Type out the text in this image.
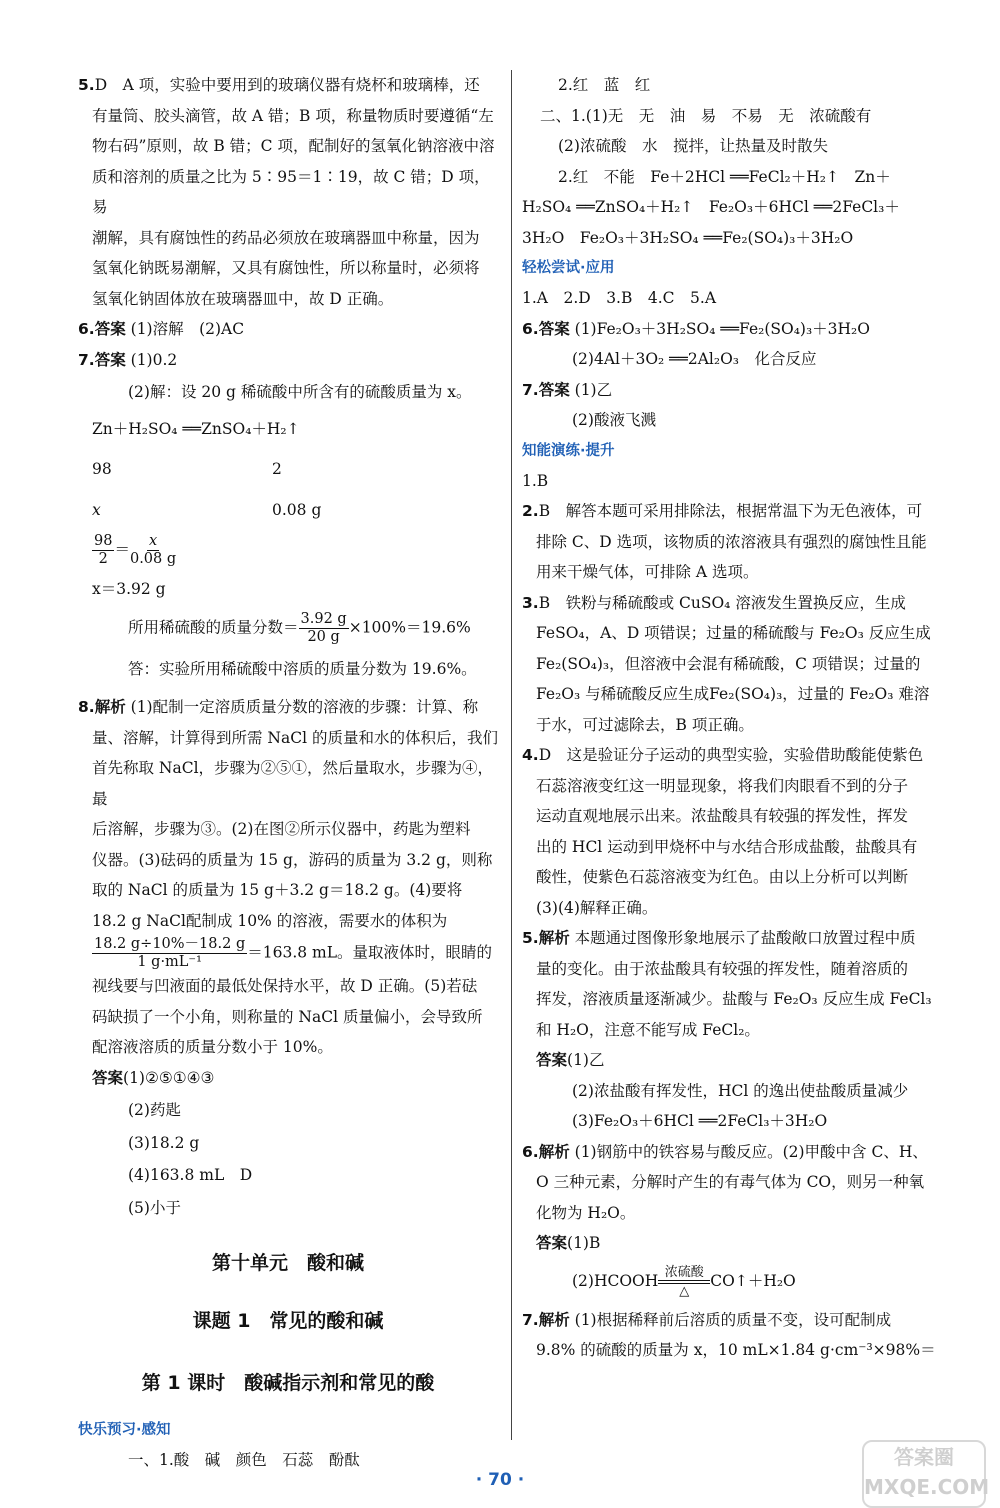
5.D　A 项，实验中要用到的玻璃仪器有烧杯和玻璃棒，还

有量筒、胶头滴管，故 A 错；B 项，称量物质时要遵循“左

物右码”原则，故 B 错；C 项，配制好的氢氧化钠溶液中溶

质和溶剂的质量之比为 5∶95＝1∶19，故 C 错；D 项，易

潮解，具有腐蚀性的药品必须放在玻璃器皿中称量，因为

氢氧化钠既易潮解，又具有腐蚀性，所以称量时，必须将

氢氧化钠固体放在玻璃器皿中，故 D 正确。

6.答案 (1)溶解　(2)AC

7.答案 (1)0.2

(2)解：设 20 g 稀硫酸中所含有的硫酸质量为 x。

Zn＋H₂SO₄ ══ZnSO₄＋H₂↑

98	2

x	0.08 g

$\frac{98}{2} = \frac{x}{0.08 g}$

x＝3.92 g

所用稀硫酸的质量分数＝ $\frac{3.92 g}{20 g} \times 100\%=19.6\%$

答：实验所用稀硫酸中溶质的质量分数为 19.6%。

8.解析 (1)配制一定溶质质量分数的溶液的步骤：计算、称

量、溶解，计算得到所需 NaCl 的质量和水的体积后，我们

首先称取 NaCl，步骤为②⑤①，然后量取水，步骤为④，最

后溶解，步骤为③。(2)在图②所示仪器中，药匙为塑料

仪器。(3)砝码的质量为 15 g，游码的质量为 3.2 g，则称

取的 NaCl 的质量为 15 g＋3.2 g＝18.2 g。(4)要将

18.2 g NaCl配制成 10% 的溶液，需要水的体积为

$\frac{18.2 g\div 10\%-18.2 g}{\text{1 g·mL⁻¹}} =163.8$ mL。量取液体时，眼睛的

视线要与凹液面的最低处保持水平，故 D 正确。(5)若砝

码缺损了一个小角，则称量的 NaCl 质量偏小，会导致所

配溶液溶质的质量分数小于 10%。

答案

(1)②⑤①④③

(2)药匙

(3)18.2 g

(4)163.8 mL　D

(5)小于

第十单元　酸和碱

课题 1　常见的酸和碱

第 1 课时　酸碱指示剂和常见的酸

快乐预习·感知

一、1.酸　碱　颜色　石蕊　酚酞

2.红　蓝　红

二、1.(1)无　无　油　易　不易　无　浓硫酸有

(2)浓硫酸　水　搅拌，让热量及时散失

2.红　不能　Fe＋2HCl ══FeCl₂＋H₂↑　Zn＋

H₂SO₄ ══ZnSO₄＋H₂↑　Fe₂O₃＋6HCl ══2FeCl₃＋

3H₂O　Fe₂O₃＋3H₂SO₄ ══Fe₂(SO₄)₃＋3H₂O

轻松尝试·应用

1.A　2.D　3.B　4.C　5.A

6.答案 (1)Fe₂O₃＋3H₂SO₄ ══Fe₂(SO₄)₃＋3H₂O

(2)4Al＋3O₂ ══2Al₂O₃　化合反应

7.答案 (1)乙

(2)酸液飞溅

知能演练·提升

1.B

2.B　解答本题可采用排除法，根据常温下为无色液体，可

排除 C、D 选项，该物质的浓溶液具有强烈的腐蚀性且能

用来干燥气体，可排除 A 选项。

3.B　铁粉与稀硫酸或 CuSO₄ 溶液发生置换反应，生成

FeSO₄，A、D 项错误；过量的稀硫酸与 Fe₂O₃ 反应生成

Fe₂(SO₄)₃，但溶液中会混有稀硫酸，C 项错误；过量的

Fe₂O₃ 与稀硫酸反应生成Fe₂(SO₄)₃，过量的 Fe₂O₃ 难溶

于水，可过滤除去，B 项正确。

4.D　这是验证分子运动的典型实验，实验借助酸能使紫色

石蕊溶液变红这一明显现象，将我们肉眼看不到的分子

运动直观地展示出来。浓盐酸具有较强的挥发性，挥发

出的 HCl 运动到甲烧杯中与水结合形成盐酸，盐酸具有

酸性，使紫色石蕊溶液变为红色。由以上分析可以判断

(3)(4)解释正确。

5.解析 本题通过图像形象地展示了盐酸敞口放置过程中质

量的变化。由于浓盐酸具有较强的挥发性，随着溶质的

挥发，溶液质量逐渐减少。盐酸与 Fe₂O₃ 反应生成 FeCl₃

和 H₂O，注意不能写成 FeCl₂。

答案(1)乙

(2)浓盐酸有挥发性，HCl 的逸出使盐酸质量减少

(3)Fe₂O₃＋6HCl ══2FeCl₃＋3H₂O

6.解析 (1)钢筋中的铁容易与酸反应。(2)甲酸中含 C、H、

O 三种元素，分解时产生的有毒气体为 CO，则另一种氧

化物为 H₂O。

答案(1)B

(2)HCOOH 浓硫酸
△
CO↑＋H₂O

7.解析 (1)根据稀释前后溶质的质量不变，设可配制成

9.8% 的硫酸的质量为 x，10 mL×1.84 g·cm⁻³×98%＝

· 70 ·
答案圈
MXQE.COM
